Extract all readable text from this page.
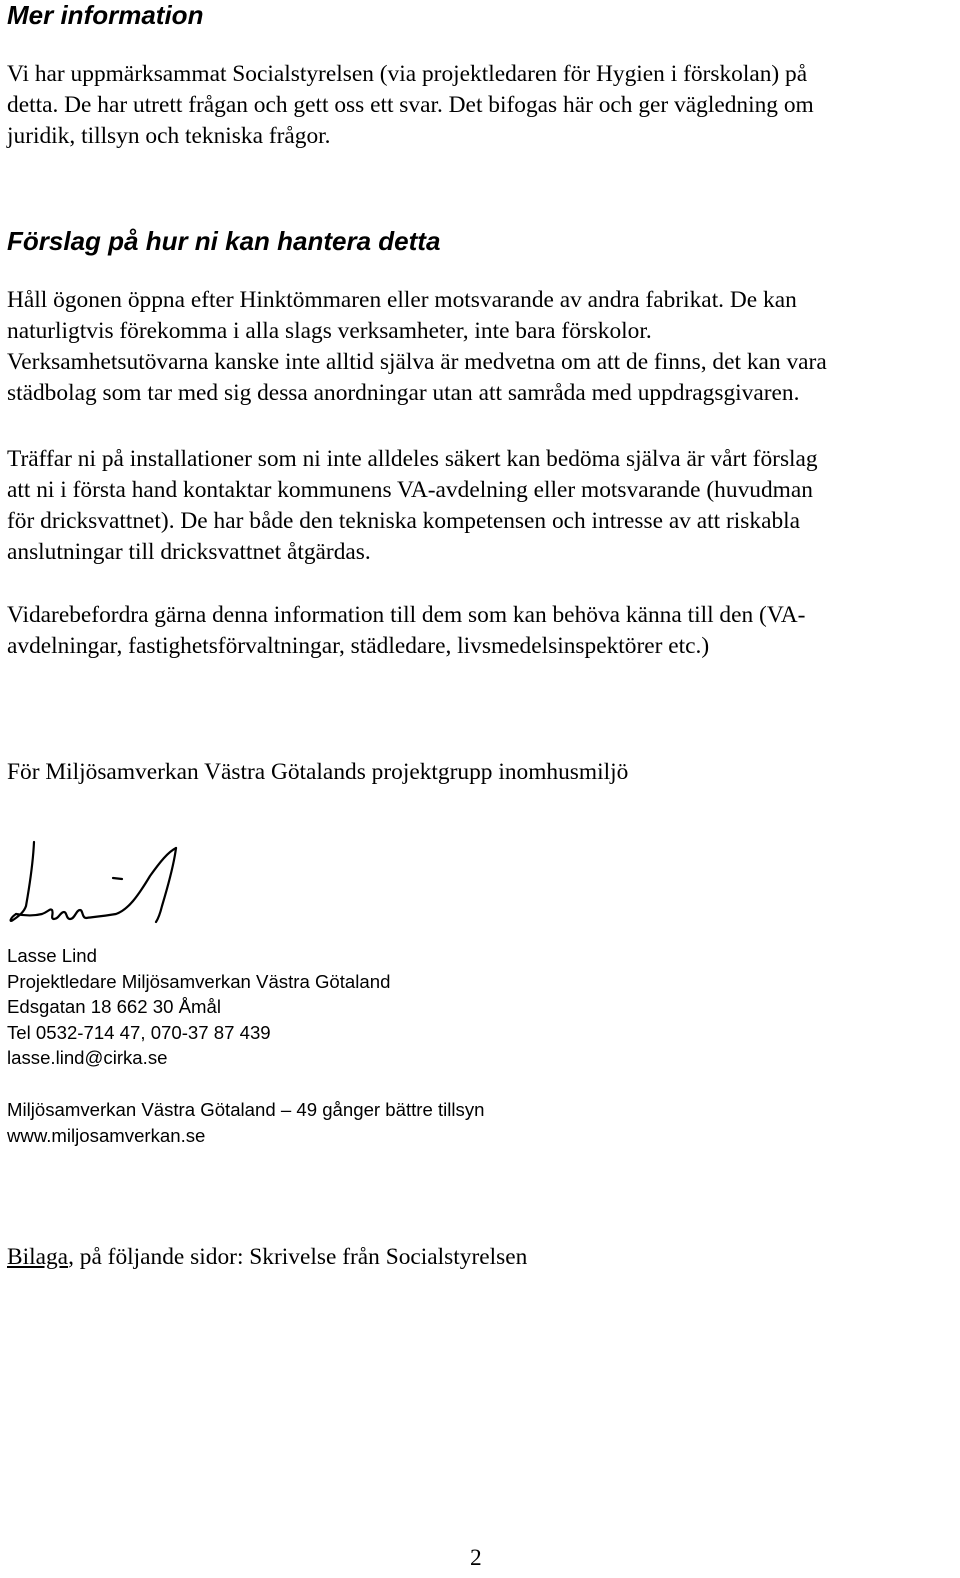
Mer information

Vi har uppmärksammat Socialstyrelsen (via projektledaren för Hygien i förskolan) på
detta. De har utrett frågan och gett oss ett svar. Det bifogas här och ger vägledning om
juridik, tillsyn och tekniska frågor.

Förslag på hur ni kan hantera detta

Håll ögonen öppna efter Hinktömmaren eller motsvarande av andra fabrikat. De kan
naturligtvis förekomma i alla slags verksamheter, inte bara förskolor.
Verksamhetsutövarna kanske inte alltid själva är medvetna om att de finns, det kan vara
städbolag som tar med sig dessa anordningar utan att samråda med uppdragsgivaren.

Träffar ni på installationer som ni inte alldeles säkert kan bedöma själva är vårt förslag
att ni i första hand kontaktar kommunens VA-avdelning eller motsvarande (huvudman
för dricksvattnet). De har både den tekniska kompetensen och intresse av att riskabla
anslutningar till dricksvattnet åtgärdas.

Vidarebefordra gärna denna information till dem som kan behöva känna till den (VA-
avdelningar, fastighetsförvaltningar, städledare, livsmedelsinspektörer etc.)

För Miljösamverkan Västra Götalands projektgrupp inomhusmiljö

Lasse Lind
Projektledare Miljösamverkan Västra Götaland
Edsgatan 18 662 30 Åmål
Tel 0532-714 47, 070-37 87 439
lasse.lind@cirka.se
Miljösamverkan Västra Götaland – 49 gånger bättre tillsyn
www.miljosamverkan.se

Bilaga, på följande sidor: Skrivelse från Socialstyrelsen

2
